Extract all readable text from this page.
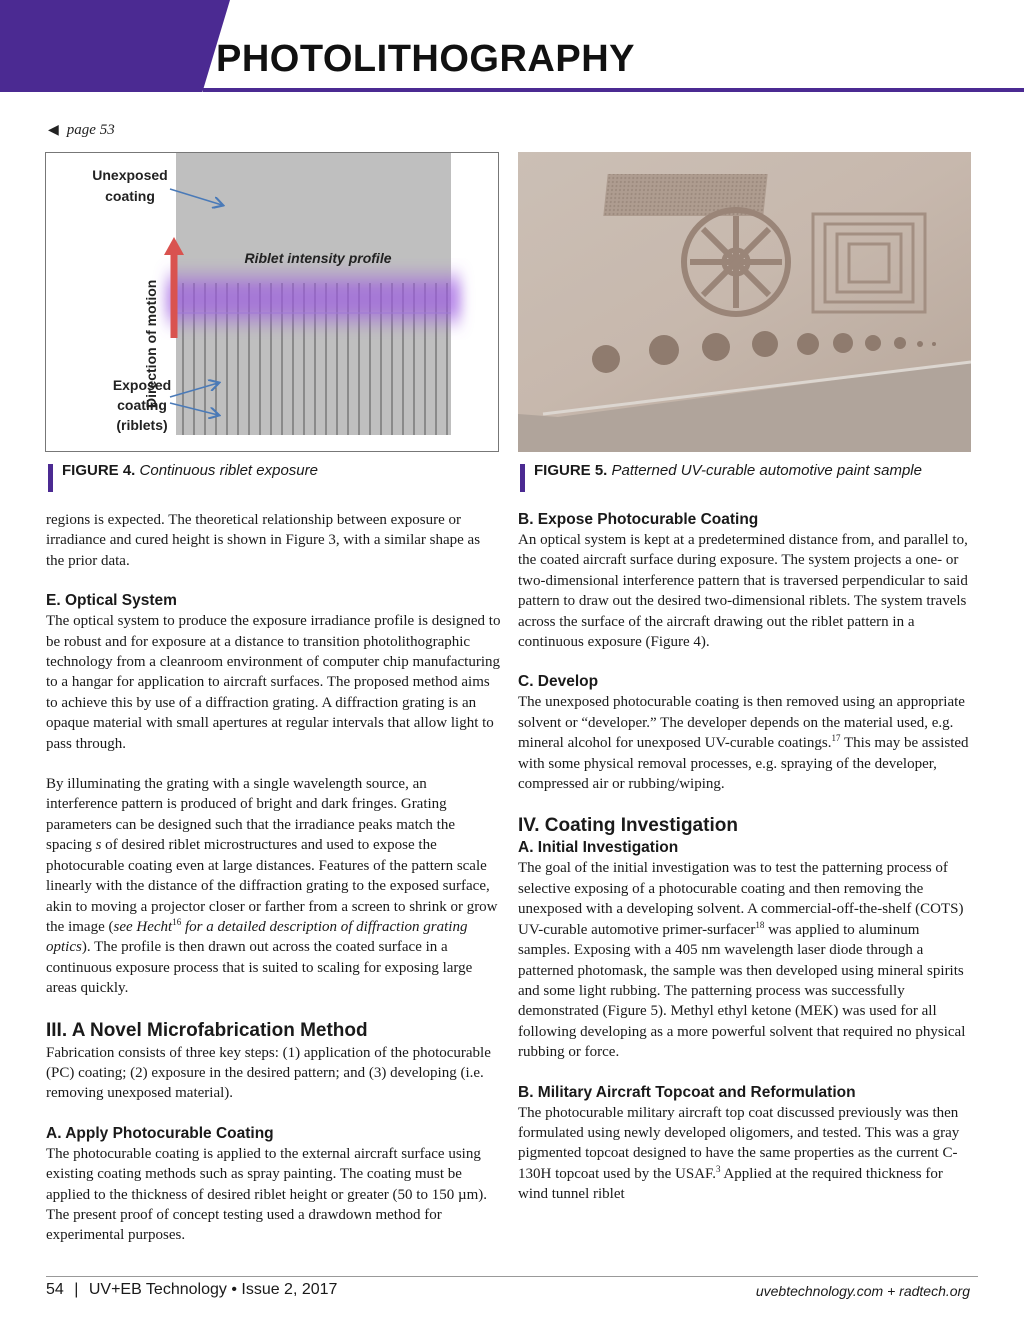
PHOTOLITHOGRAPHY
◀ page 53
Direction of motion
Unexposed
coating
Riblet intensity profile
Exposed
coating
(riblets)
FIGURE 4. Continuous riblet exposure	FIGURE 5. Patterned UV-curable automotive paint sample

regions is expected. The theoretical relationship between exposure or irradiance and cured height is shown in Figure 3, with a similar shape as the prior data.

E. Optical System

The optical system to produce the exposure irradiance profile is designed to be robust and for exposure at a distance to transition photolithographic technology from a cleanroom environment of computer chip manufacturing to a hangar for application to aircraft surfaces. The proposed method aims to achieve this by use of a diffraction grating. A diffraction grating is an opaque material with small apertures at regular intervals that allow light to pass through.

By illuminating the grating with a single wavelength source, an interference pattern is produced of bright and dark fringes. Grating parameters can be designed such that the irradiance peaks match the spacing s of desired riblet microstructures and used to expose the photocurable coating even at large distances. Features of the pattern scale linearly with the distance of the diffraction grating to the exposed surface, akin to moving a projector closer or farther from a screen to shrink or grow the image (see Hecht$^{16}$ for a detailed description of diffraction grating optics). The profile is then drawn out across the coated surface in a continuous exposure process that is suited to scaling for exposing large areas quickly.

III. A Novel Microfabrication Method

Fabrication consists of three key steps: (1) application of the photocurable (PC) coating; (2) exposure in the desired pattern; and (3) developing (i.e. removing unexposed material).

A. Apply Photocurable Coating

The photocurable coating is applied to the external aircraft surface using existing coating methods such as spray painting. The coating must be applied to the thickness of desired riblet height or greater (50 to 150 µm). The present proof of concept testing used a drawdown method for experimental purposes.

B. Expose Photocurable Coating

An optical system is kept at a predetermined distance from, and parallel to, the coated aircraft surface during exposure. The system projects a one- or two-dimensional interference pattern that is traversed perpendicular to said pattern to draw out the desired two-dimensional riblets. The system travels across the surface of the aircraft drawing out the riblet pattern in a continuous exposure (Figure 4).

C. Develop

The unexposed photocurable coating is then removed using an appropriate solvent or “developer.” The developer depends on the material used, e.g. mineral alcohol for unexposed UV-curable coatings.$^{17}$ This may be assisted with some physical removal processes, e.g. spraying of the developer, compressed air or rubbing/wiping.

IV. Coating Investigation
A. Initial Investigation

The goal of the initial investigation was to test the patterning process of selective exposing of a photocurable coating and then removing the unexposed with a developing solvent. A commercial-off-the-shelf (COTS) UV-curable automotive primer-surfacer$^{18}$ was applied to aluminum samples. Exposing with a 405 nm wavelength laser diode through a patterned photomask, the sample was then developed using mineral spirits and some light rubbing. The patterning process was successfully demonstrated (Figure 5). Methyl ethyl ketone (MEK) was used for all following developing as a more powerful solvent that required no physical rubbing or force.

B. Military Aircraft Topcoat and Reformulation

The photocurable military aircraft top coat discussed previously was then formulated using newly developed oligomers, and tested. This was a gray pigmented topcoat designed to have the same properties as the current C-130H topcoat used by the USAF.$^3$ Applied at the required thickness for wind tunnel riblet

54 | UV+EB Technology • Issue 2, 2017	uvebtechnology.com + radtech.org
